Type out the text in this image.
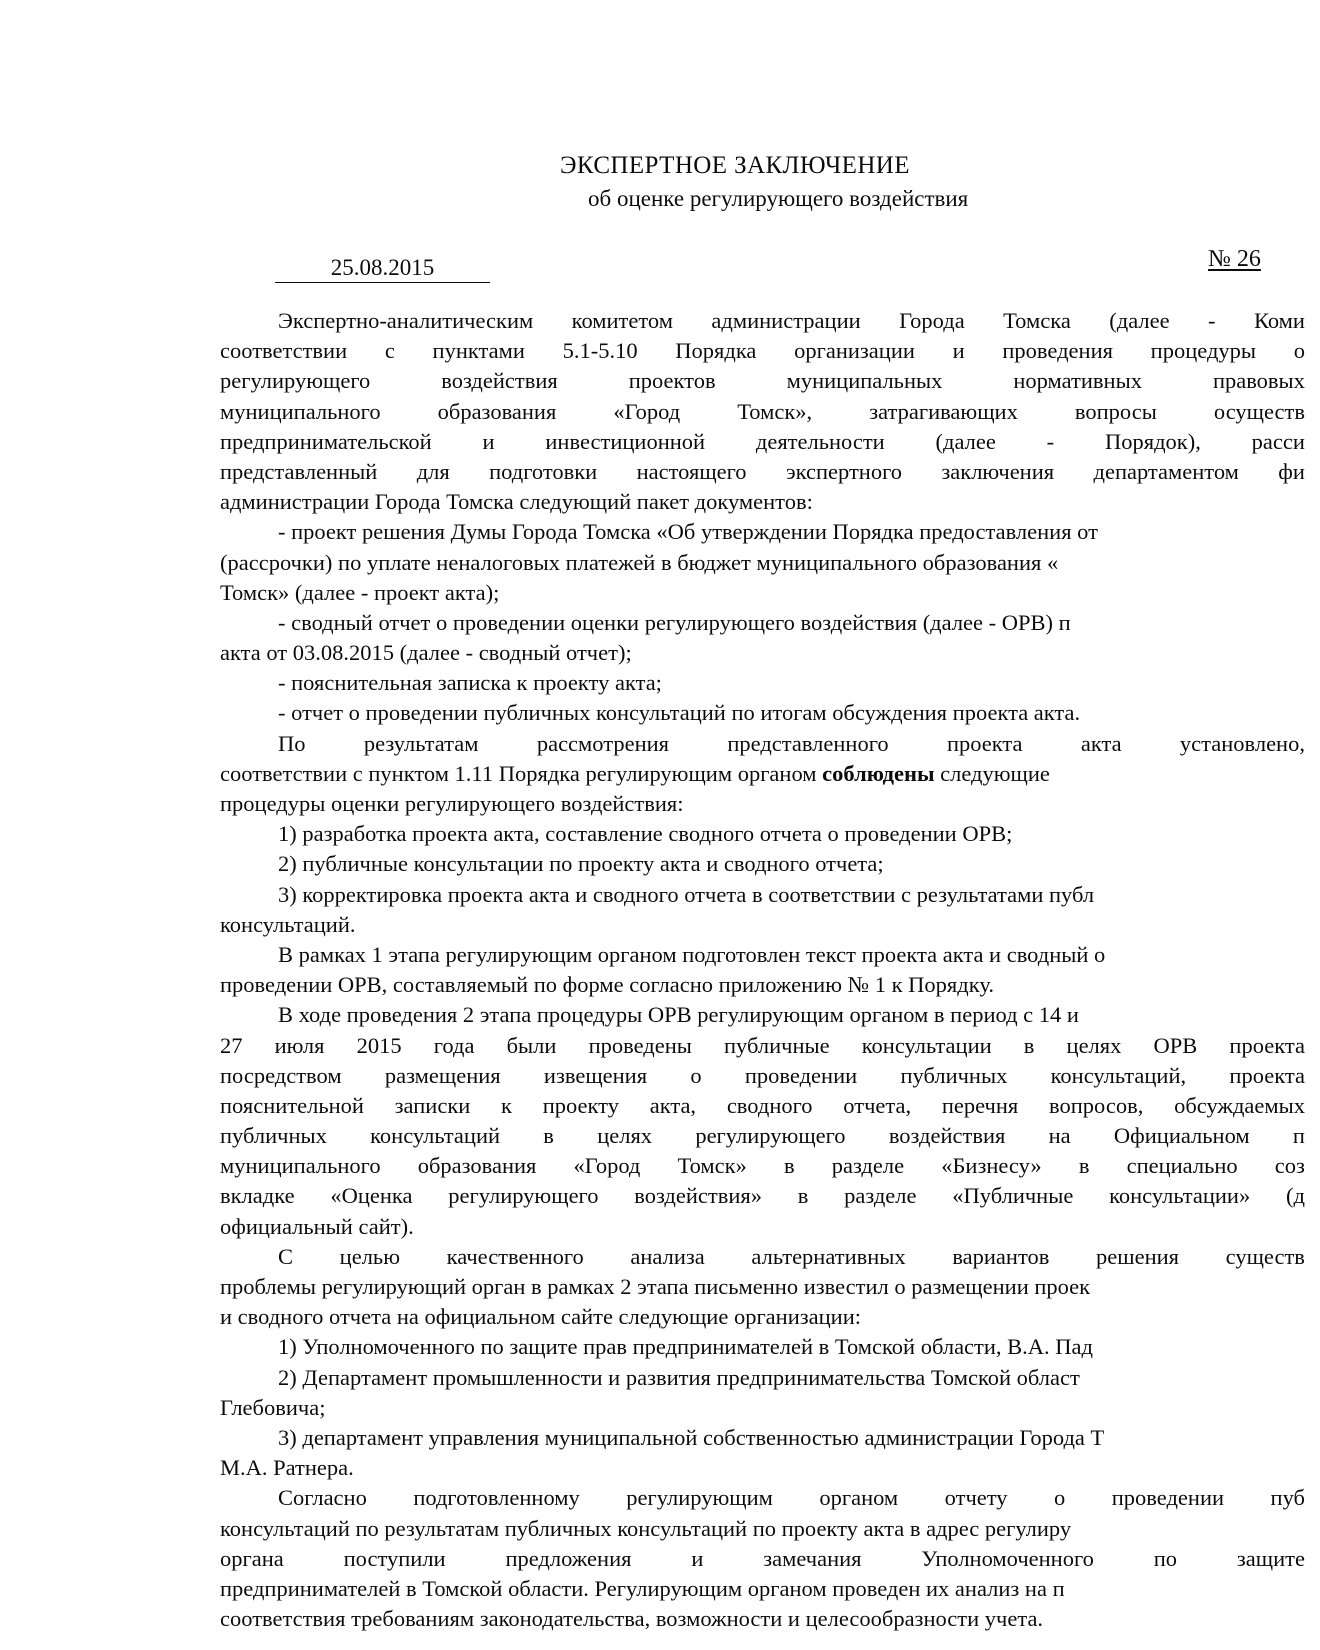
ЭКСПЕРТНОЕ ЗАКЛЮЧЕНИЕ
об оценке регулирующего воздействия
25.08.2015	№ 26
Экспертно-аналитическим комитетом администрации Города Томска (далее - Коми
соответствии с пунктами 5.1-5.10 Порядка организации и проведения процедуры о
регулирующего	воздействия	проектов	муниципальных	нормативных	правовых
муниципального	образования	«Город	Томск»,	затрагивающих	вопросы	осуществ
предпринимательской и инвестиционной деятельности (далее - Порядок), расси
представленный для подготовки настоящего экспертного заключения департаментом фи
администрации Города Томска следующий пакет документов:
- проект решения Думы Города Томска «Об утверждении Порядка предоставления от
(рассрочки) по уплате неналоговых платежей в бюджет муниципального образования «
Томск» (далее - проект акта);
- сводный отчет о проведении оценки регулирующего воздействия (далее - ОРВ) п
акта от 03.08.2015 (далее - сводный отчет);
- пояснительная записка к проекту акта;
- отчет о проведении публичных консультаций по итогам обсуждения проекта акта.
По	результатам	рассмотрения	представленного	проекта	акта	установлено,
соответствии с пунктом 1.11 Порядка регулирующим органом соблюдены следующие
процедуры оценки регулирующего воздействия:
1) разработка проекта акта, составление сводного отчета о проведении ОРВ;
2) публичные консультации по проекту акта и сводного отчета;
3) корректировка проекта акта и сводного отчета в соответствии с результатами публ
консультаций.
В рамках 1 этапа регулирующим органом подготовлен текст проекта акта и сводный о
проведении ОРВ, составляемый по форме согласно приложению № 1 к Порядку.
В ходе проведения 2 этапа процедуры ОРВ регулирующим органом в период с 14 и
27 июля 2015 года были проведены публичные консультации в целях ОРВ проекта
посредством размещения извещения о проведении публичных консультаций, проекта
пояснительной записки к проекту акта, сводного отчета, перечня вопросов, обсуждаемых
публичных консультаций в целях регулирующего воздействия на Официальном п
муниципального образования «Город Томск» в разделе «Бизнесу» в специально соз
вкладке «Оценка регулирующего воздействия» в разделе «Публичные консультации» (д
официальный сайт).
С целью качественного анализа альтернативных вариантов решения существ
проблемы регулирующий орган в рамках 2 этапа письменно известил о размещении проек
и сводного отчета на официальном сайте следующие организации:
1) Уполномоченного по защите прав предпринимателей в Томской области, В.А. Пад
2) Департамент промышленности и развития предпринимательства Томской област
Глебовича;
3) департамент управления муниципальной собственностью администрации Города Т
М.А. Ратнера.
Согласно подготовленному регулирующим органом отчету о проведении пуб
консультаций по результатам публичных консультаций по проекту акта в адрес регулиру
органа	поступили	предложения	и	замечания	Уполномоченного	по	защите
предпринимателей в Томской области. Регулирующим органом проведен их анализ на п
соответствия требованиям законодательства, возможности и целесообразности учета.
